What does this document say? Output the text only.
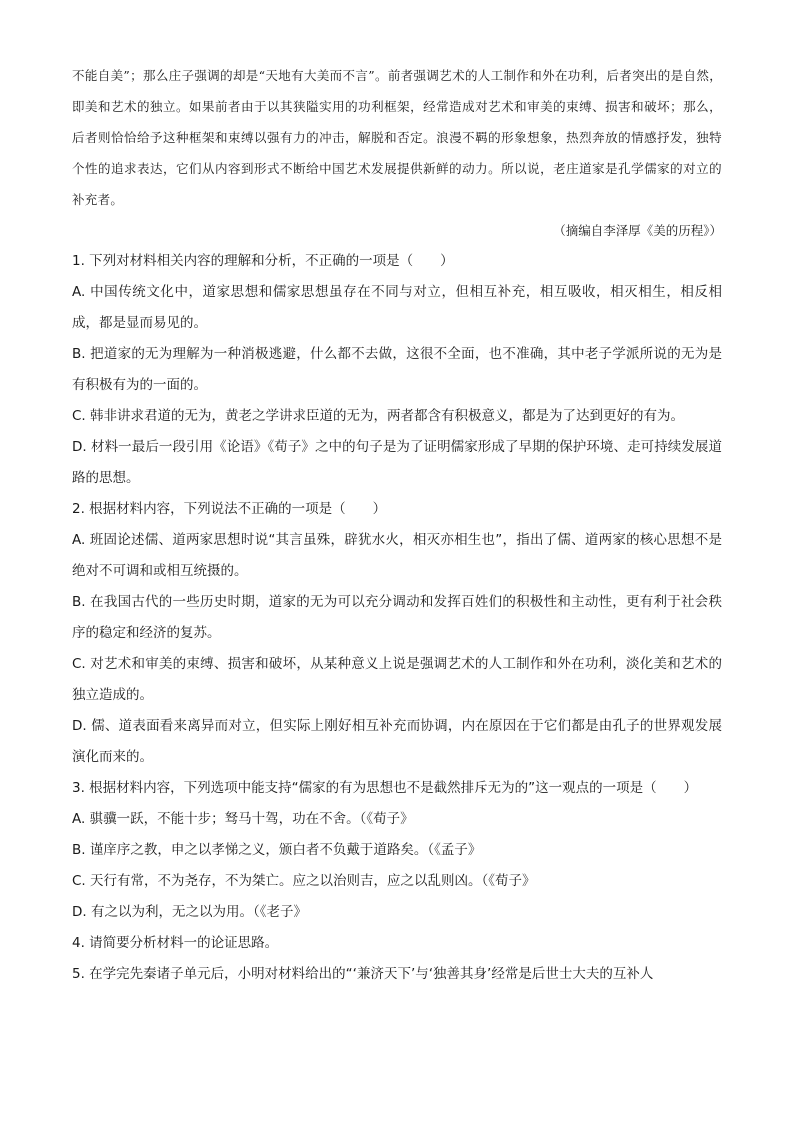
不能自美”；那么庄子强调的却是“天地有大美而不言”。前者强调艺术的人工制作和外在功利，后者突出的是自然，即美和艺术的独立。如果前者由于以其狭隘实用的功利框架，经常造成对艺术和审美的束缚、损害和破坏；那么，后者则恰恰给予这种框架和束缚以强有力的冲击，解脱和否定。浪漫不羁的形象想象，热烈奔放的情感抒发，独特个性的追求表达，它们从内容到形式不断给中国艺术发展提供新鲜的动力。所以说，老庄道家是孔学儒家的对立的补充者。

（摘编自李泽厚《美的历程》）

1. 下列对材料相关内容的理解和分析，不正确的一项是（　　）

A. 中国传统文化中，道家思想和儒家思想虽存在不同与对立，但相互补充，相互吸收，相灭相生，相反相成，都是显而易见的。

B. 把道家的无为理解为一种消极逃避，什么都不去做，这很不全面，也不准确，其中老子学派所说的无为是有积极有为的一面的。

C. 韩非讲求君道的无为，黄老之学讲求臣道的无为，两者都含有积极意义，都是为了达到更好的有为。

D. 材料一最后一段引用《论语》《荀子》之中的句子是为了证明儒家形成了早期的保护环境、走可持续发展道路的思想。

2. 根据材料内容，下列说法不正确的一项是（　　）

A. 班固论述儒、道两家思想时说“其言虽殊，辟犹水火，相灭亦相生也”，指出了儒、道两家的核心思想不是绝对不可调和或相互统摄的。

B. 在我国古代的一些历史时期，道家的无为可以充分调动和发挥百姓们的积极性和主动性，更有利于社会秩序的稳定和经济的复苏。

C. 对艺术和审美的束缚、损害和破坏，从某种意义上说是强调艺术的人工制作和外在功利，淡化美和艺术的独立造成的。

D. 儒、道表面看来离异而对立，但实际上刚好相互补充而协调，内在原因在于它们都是由孔子的世界观发展演化而来的。

3. 根据材料内容，下列选项中能支持“儒家的有为思想也不是截然排斥无为的”这一观点的一项是（　　）

A. 骐骥一跃，不能十步；驽马十驾，功在不舍。（《荀子》

B. 谨庠序之教，申之以孝悌之义，颁白者不负戴于道路矣。（《孟子》

C. 天行有常，不为尧存，不为桀亡。应之以治则吉，应之以乱则凶。（《荀子》

D. 有之以为利，无之以为用。（《老子》

4. 请简要分析材料一的论证思路。

5. 在学完先秦诸子单元后，小明对材料给出的“‘兼济天下’与‘独善其身’经常是后世士大夫的互补人
